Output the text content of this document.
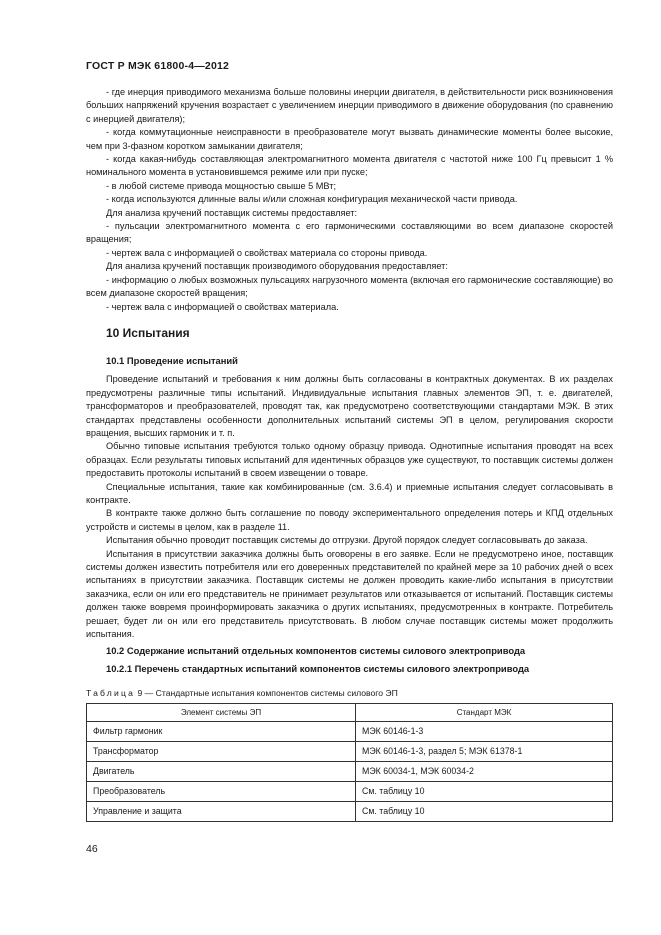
ГОСТ Р МЭК 61800-4—2012

- где инерция приводимого механизма больше половины инерции двигателя, в действительности риск возникновения больших напряжений кручения возрастает с увеличением инерции приводимого в движение оборудования (по сравнению с инерцией двигателя);

- когда коммутационные неисправности в преобразователе могут вызвать динамические моменты более высокие, чем при 3-фазном коротком замыкании двигателя;

- когда какая-нибудь составляющая электромагнитного момента двигателя с частотой ниже 100 Гц превысит 1 % номинального момента в установившемся режиме или при пуске;

- в любой системе привода мощностью свыше 5 МВт;

- когда используются длинные валы и/или сложная конфигурация механической части привода.

Для анализа кручений поставщик системы предоставляет:

- пульсации электромагнитного момента с его гармоническими составляющими во всем диапазоне скоростей вращения;

- чертеж вала с информацией о свойствах материала со стороны привода.

Для анализа кручений поставщик производимого оборудования предоставляет:

- информацию о любых возможных пульсациях нагрузочного момента (включая его гармонические составляющие) во всем диапазоне скоростей вращения;

- чертеж вала с информацией о свойствах материала.

10 Испытания
10.1 Проведение испытаний

Проведение испытаний и требования к ним должны быть согласованы в контрактных документах. В их разделах предусмотрены различные типы испытаний. Индивидуальные испытания главных элементов ЭП, т. е. двигателей, трансформаторов и преобразователей, проводят так, как предусмотрено соответствующими стандартами МЭК. В этих стандартах представлены особенности дополнительных испытаний системы ЭП в целом, регулирования скорости вращения, высших гармоник и т. п.

Обычно типовые испытания требуются только одному образцу привода. Однотипные испытания проводят на всех образцах. Если результаты типовых испытаний для идентичных образцов уже существуют, то поставщик системы должен предоставить протоколы испытаний в своем извещении о товаре.

Специальные испытания, такие как комбинированные (см. 3.6.4) и приемные испытания следует согласовывать в контракте.

В контракте также должно быть соглашение по поводу экспериментального определения потерь и КПД отдельных устройств и системы в целом, как в разделе 11.

Испытания обычно проводит поставщик системы до отгрузки. Другой порядок следует согласовывать до заказа.

Испытания в присутствии заказчика должны быть оговорены в его заявке. Если не предусмотрено иное, поставщик системы должен известить потребителя или его доверенных представителей по крайней мере за 10 рабочих дней о всех испытаниях в присутствии заказчика. Поставщик системы не должен проводить какие-либо испытания в присутствии заказчика, если он или его представитель не принимает результатов или отказывается от испытаний. Поставщик системы должен также вовремя проинформировать заказчика о других испытаниях, предусмотренных в контракте. Потребитель решает, будет ли он или его представитель присутствовать. В любом случае поставщик системы может продолжить испытания.

10.2 Содержание испытаний отдельных компонентов системы силового электропривода
10.2.1 Перечень стандартных испытаний компонентов системы силового электропривода
Таблица 9 — Стандартные испытания компонентов системы силового ЭП
Элемент системы ЭП	Стандарт МЭК
Фильтр гармоник	МЭК 60146-1-3
Трансформатор	МЭК 60146-1-3, раздел 5; МЭК 61378-1
Двигатель	МЭК 60034-1, МЭК 60034-2
Преобразователь	См. таблицу 10
Управление и защита	См. таблицу 10
46
